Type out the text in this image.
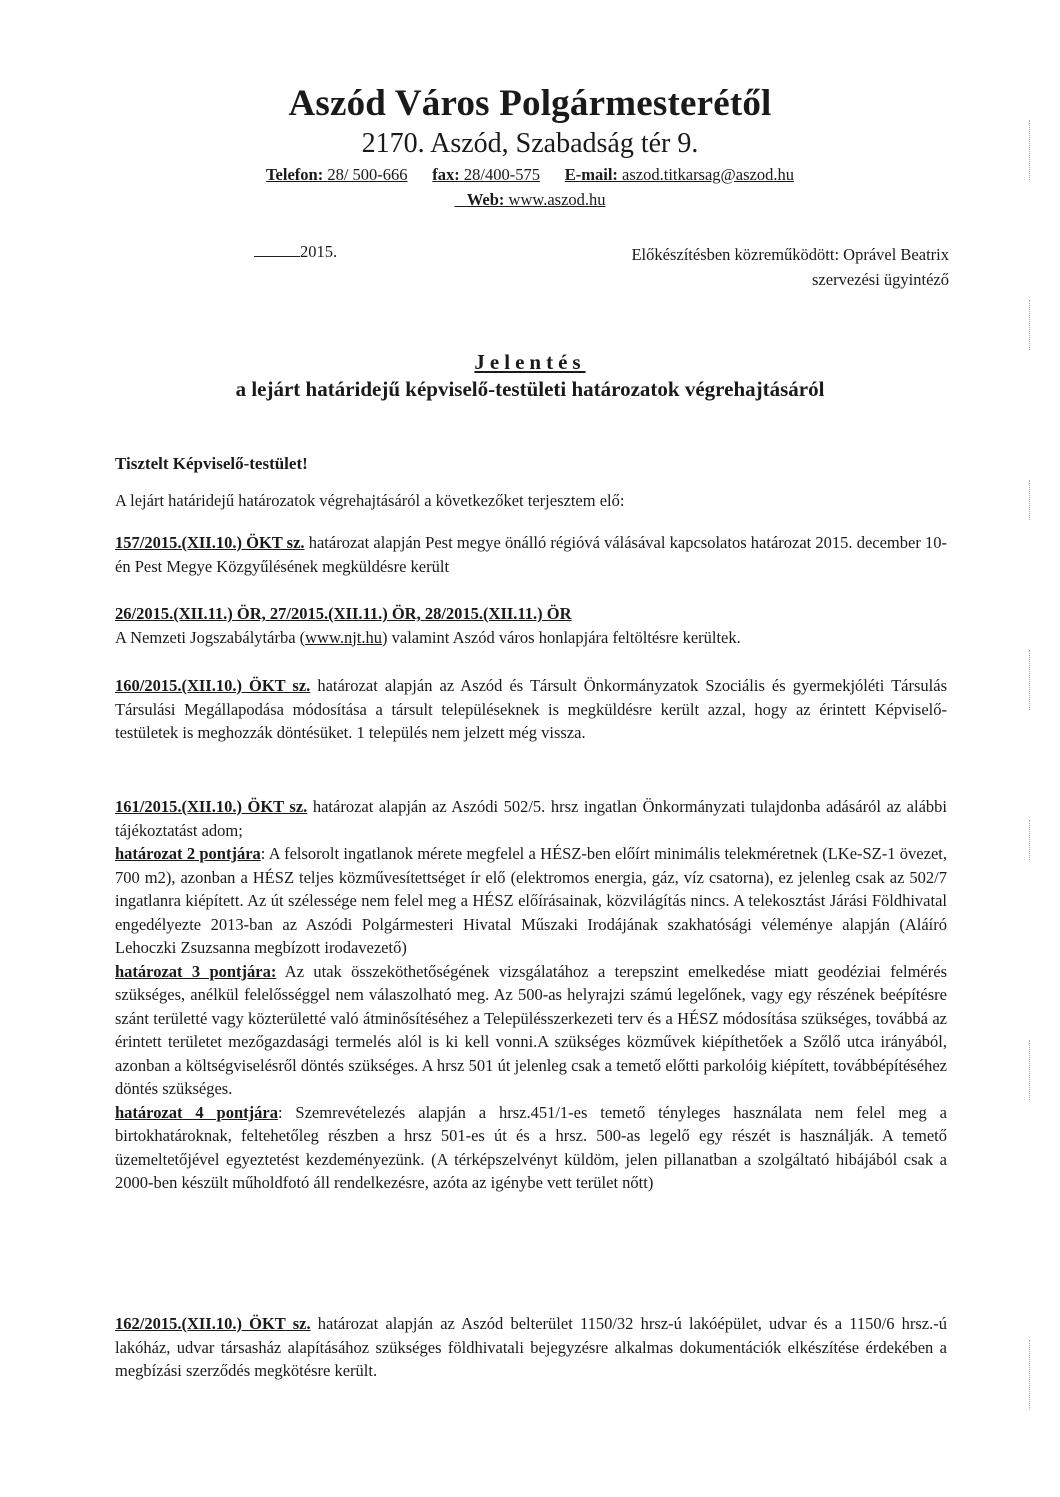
Aszód Város Polgármesterétől
2170. Aszód, Szabadság tér 9.
Telefon: 28/ 500-666 fax: 28/400-575 E-mail: aszod.titkarsag@aszod.hu
Web: www.aszod.hu
2015.	Előkészítésben közreműködött: Oprável Beatrix
szervezési ügyintéző
Jelentés
a lejárt határidejű képviselő-testületi határozatok végrehajtásáról
Tisztelt Képviselő-testület!
A lejárt határidejű határozatok végrehajtásáról a következőket terjesztem elő:
157/2015.(XII.10.) ÖKT sz. határozat alapján Pest megye önálló régióvá válásával kapcsolatos határozat 2015. december 10-én Pest Megye Közgyűlésének megküldésre került
26/2015.(XII.11.) ÖR, 27/2015.(XII.11.) ÖR, 28/2015.(XII.11.) ÖR
A Nemzeti Jogszabálytárba (www.njt.hu) valamint Aszód város honlapjára feltöltésre kerültek.
160/2015.(XII.10.) ÖKT sz. határozat alapján az Aszód és Társult Önkormányzatok Szociális és gyermekjóléti Társulás Társulási Megállapodása módosítása a társult településeknek is megküldésre került azzal, hogy az érintett Képviselő-testületek is meghozzák döntésüket. 1 település nem jelzett még vissza.
161/2015.(XII.10.) ÖKT sz. határozat alapján az Aszódi 502/5. hrsz ingatlan Önkormányzati tulajdonba adásáról az alábbi tájékoztatást adom;
határozat 2 pontjára: A felsorolt ingatlanok mérete megfelel a HÉSZ-ben előírt minimális telekméretnek (LKe-SZ-1 övezet, 700 m2), azonban a HÉSZ teljes közművesítettséget ír elő (elektromos energia, gáz, víz csatorna), ez jelenleg csak az 502/7 ingatlanra kiépített. Az út szélessége nem felel meg a HÉSZ előírásainak, közvilágítás nincs. A telekosztást Járási Földhivatal engedélyezte 2013-ban az Aszódi Polgármesteri Hivatal Műszaki Irodájának szakhatósági véleménye alapján (Aláíró Lehoczki Zsuzsanna megbízott irodavezető)
határozat 3 pontjára: Az utak összeköthetőségének vizsgálatához a terepszint emelkedése miatt geodéziai felmérés szükséges, anélkül felelősséggel nem válaszolható meg. Az 500-as helyrajzi számú legelőnek, vagy egy részének beépítésre szánt területté vagy közterületté való átminősítéséhez a Településszerkezeti terv és a HÉSZ módosítása szükséges, továbbá az érintett területet mezőgazdasági termelés alól is ki kell vonni.A szükséges közművek kiépíthetőek a Szőlő utca irányából, azonban a költségviselésről döntés szükséges. A hrsz 501 út jelenleg csak a temető előtti parkolóig kiépített, továbbépítéséhez döntés szükséges.
határozat 4 pontjára: Szemrevételezés alapján a hrsz.451/1-es temető tényleges használata nem felel meg a birtokhatároknak, feltehetőleg részben a hrsz 501-es út és a hrsz. 500-as legelő egy részét is használják. A temető üzemeltetőjével egyeztetést kezdeményezünk. (A térképszelvényt küldöm, jelen pillanatban a szolgáltató hibájából csak a 2000-ben készült műholdfotó áll rendelkezésre, azóta az igénybe vett terület nőtt)
162/2015.(XII.10.) ÖKT sz. határozat alapján az Aszód belterület 1150/32 hrsz-ú lakóépület, udvar és a 1150/6 hrsz.-ú lakóház, udvar társasház alapításához szükséges földhivatali bejegyzésre alkalmas dokumentációk elkészítése érdekében a megbízási szerződés megkötésre került.
